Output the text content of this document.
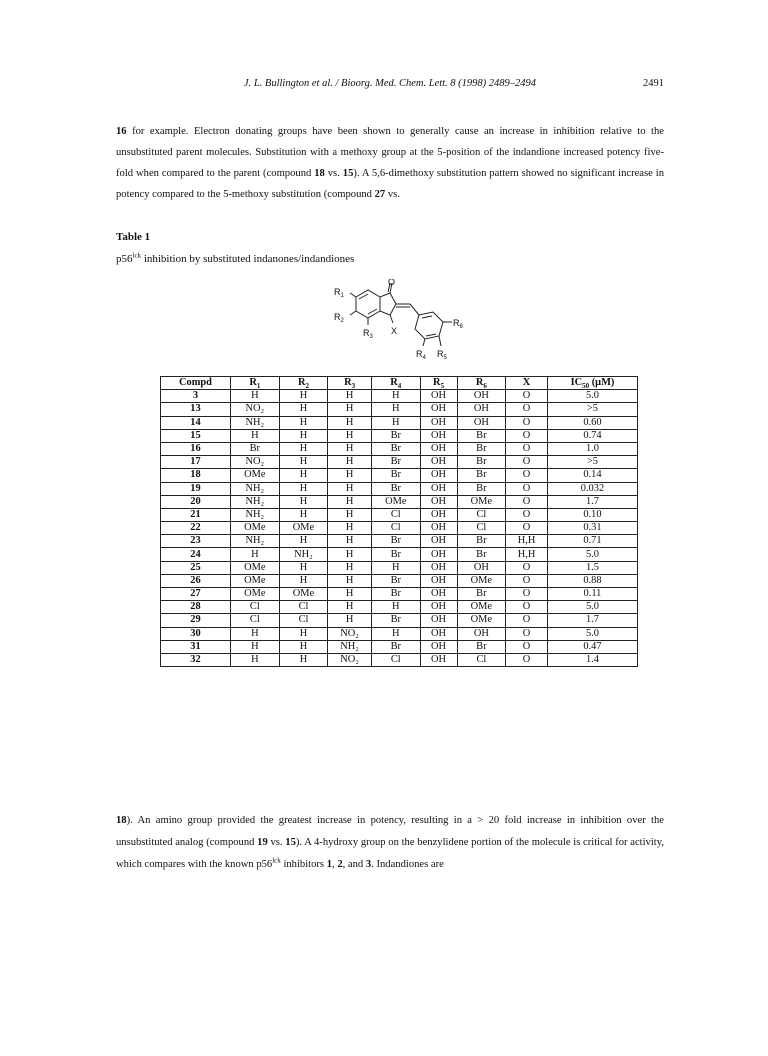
J. L. Bullington et al. / Bioorg. Med. Chem. Lett. 8 (1998) 2489–2494	2491
16 for example. Electron donating groups have been shown to generally cause an increase in inhibition relative to the unsubstituted parent molecules. Substitution with a methoxy group at the 5-position of the indandione increased potency five-fold when compared to the parent (compound 18 vs. 15). A 5,6-dimethoxy substitution pattern showed no significant increase in potency compared to the 5-methoxy substitution (compound 27 vs.
Table 1
$p56^{lck}$ inhibition by substituted indanones/indandiones
O
$R_1$
$R_2$
$R_3$
X
$R_6$
$R_4$ $R_5$
Compd	$R_1$	$R_2$	$R_3$	$R_4$	$R_5$	$R_6$	X	$IC_{50}$ (μM)
3	H	H	H	H	OH	OH	O	5.0
13	NO₂	H	H	H	OH	OH	O	>5
14	NH₂	H	H	H	OH	OH	O	0.60
15	H	H	H	Br	OH	Br	O	0.74
16	Br	H	H	Br	OH	Br	O	1.0
17	NO₂	H	H	Br	OH	Br	O	>5
18	OMe	H	H	Br	OH	Br	O	0.14
19	NH₂	H	H	Br	OH	Br	O	0.032
20	NH₂	H	H	OMe	OH	OMe	O	1.7
21	NH₂	H	H	Cl	OH	Cl	O	0.10
22	OMe	OMe	H	Cl	OH	Cl	O	0.31
23	NH₂	H	H	Br	OH	Br	H,H	0.71
24	H	NH₂	H	Br	OH	Br	H,H	5.0
25	OMe	H	H	H	OH	OH	O	1.5
26	OMe	H	H	Br	OH	OMe	O	0.88
27	OMe	OMe	H	Br	OH	Br	O	0.11
28	Cl	Cl	H	H	OH	OMe	O	5.0
29	Cl	Cl	H	Br	OH	OMe	O	1.7
30	H	H	NO₂	H	OH	OH	O	5.0
31	H	H	NH₂	Br	OH	Br	O	0.47
32	H	H	NO₂	Cl	OH	Cl	O	1.4
18). An amino group provided the greatest increase in potency, resulting in a > 20 fold increase in inhibition over the unsubstituted analog (compound 19 vs. 15). A 4-hydroxy group on the benzylidene portion of the molecule is critical for activity, which compares with the known $p56^{lck}$ inhibitors 1, 2, and 3. Indandiones are
